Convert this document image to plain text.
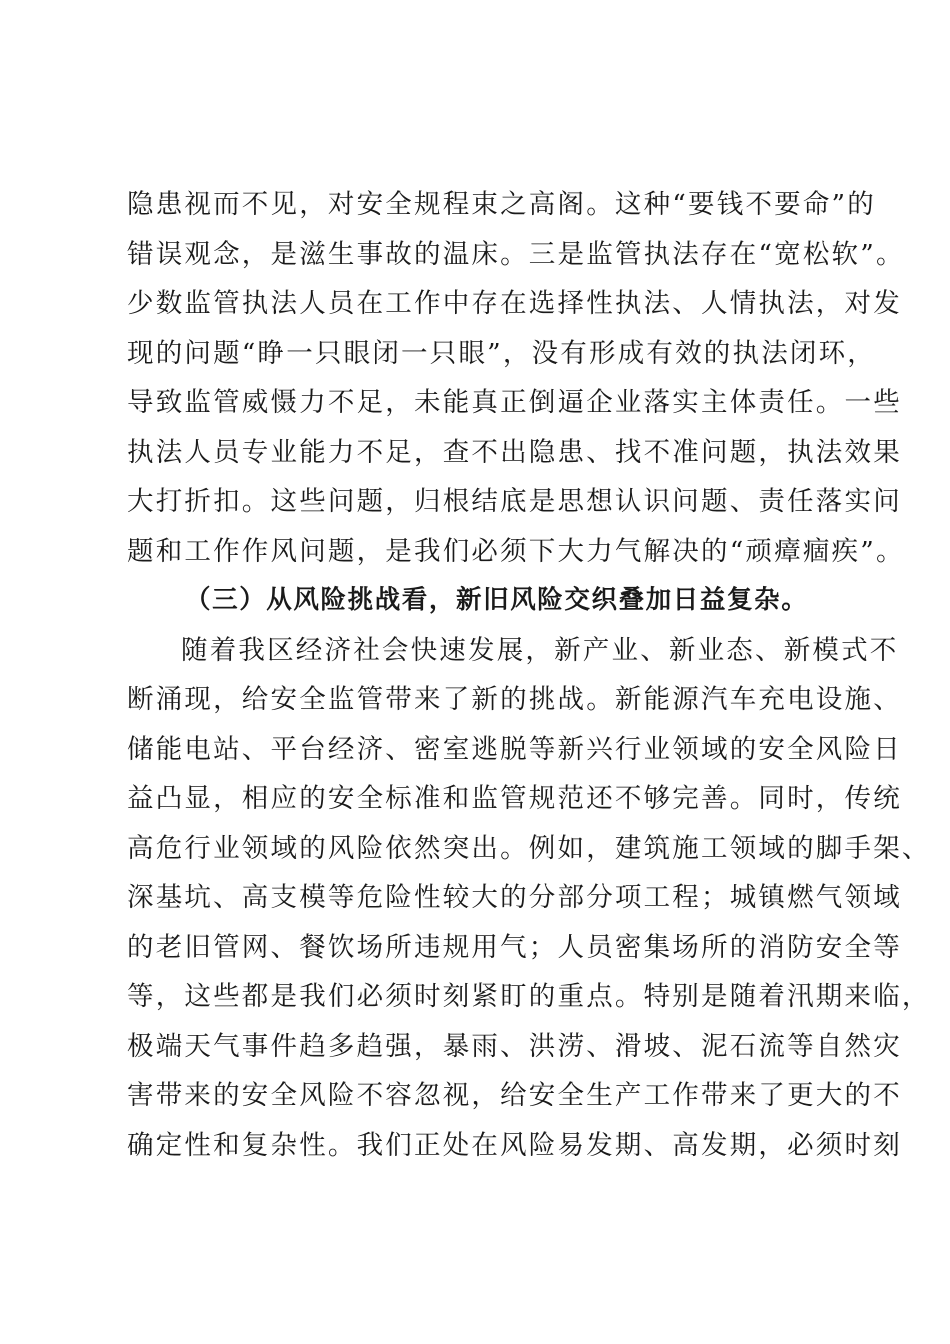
隐患视而不见，对安全规程束之高阁。这种“要钱不要命”的
错误观念，是滋生事故的温床。三是监管执法存在“宽松软”。
少数监管执法人员在工作中存在选择性执法、人情执法，对发
现的问题“睁一只眼闭一只眼”，没有形成有效的执法闭环，
导致监管威慑力不足，未能真正倒逼企业落实主体责任。一些
执法人员专业能力不足，查不出隐患、找不准问题，执法效果
大打折扣。这些问题，归根结底是思想认识问题、责任落实问
题和工作作风问题，是我们必须下大力气解决的“顽瘴痼疾”。
（三）从风险挑战看，新旧风险交织叠加日益复杂。
随着我区经济社会快速发展，新产业、新业态、新模式不
断涌现，给安全监管带来了新的挑战。新能源汽车充电设施、
储能电站、平台经济、密室逃脱等新兴行业领域的安全风险日
益凸显，相应的安全标准和监管规范还不够完善。同时，传统
高危行业领域的风险依然突出。例如，建筑施工领域的脚手架、
深基坑、高支模等危险性较大的分部分项工程；城镇燃气领域
的老旧管网、餐饮场所违规用气；人员密集场所的消防安全等
等，这些都是我们必须时刻紧盯的重点。特别是随着汛期来临，
极端天气事件趋多趋强，暴雨、洪涝、滑坡、泥石流等自然灾
害带来的安全风险不容忽视，给安全生产工作带来了更大的不
确定性和复杂性。我们正处在风险易发期、高发期，必须时刻
